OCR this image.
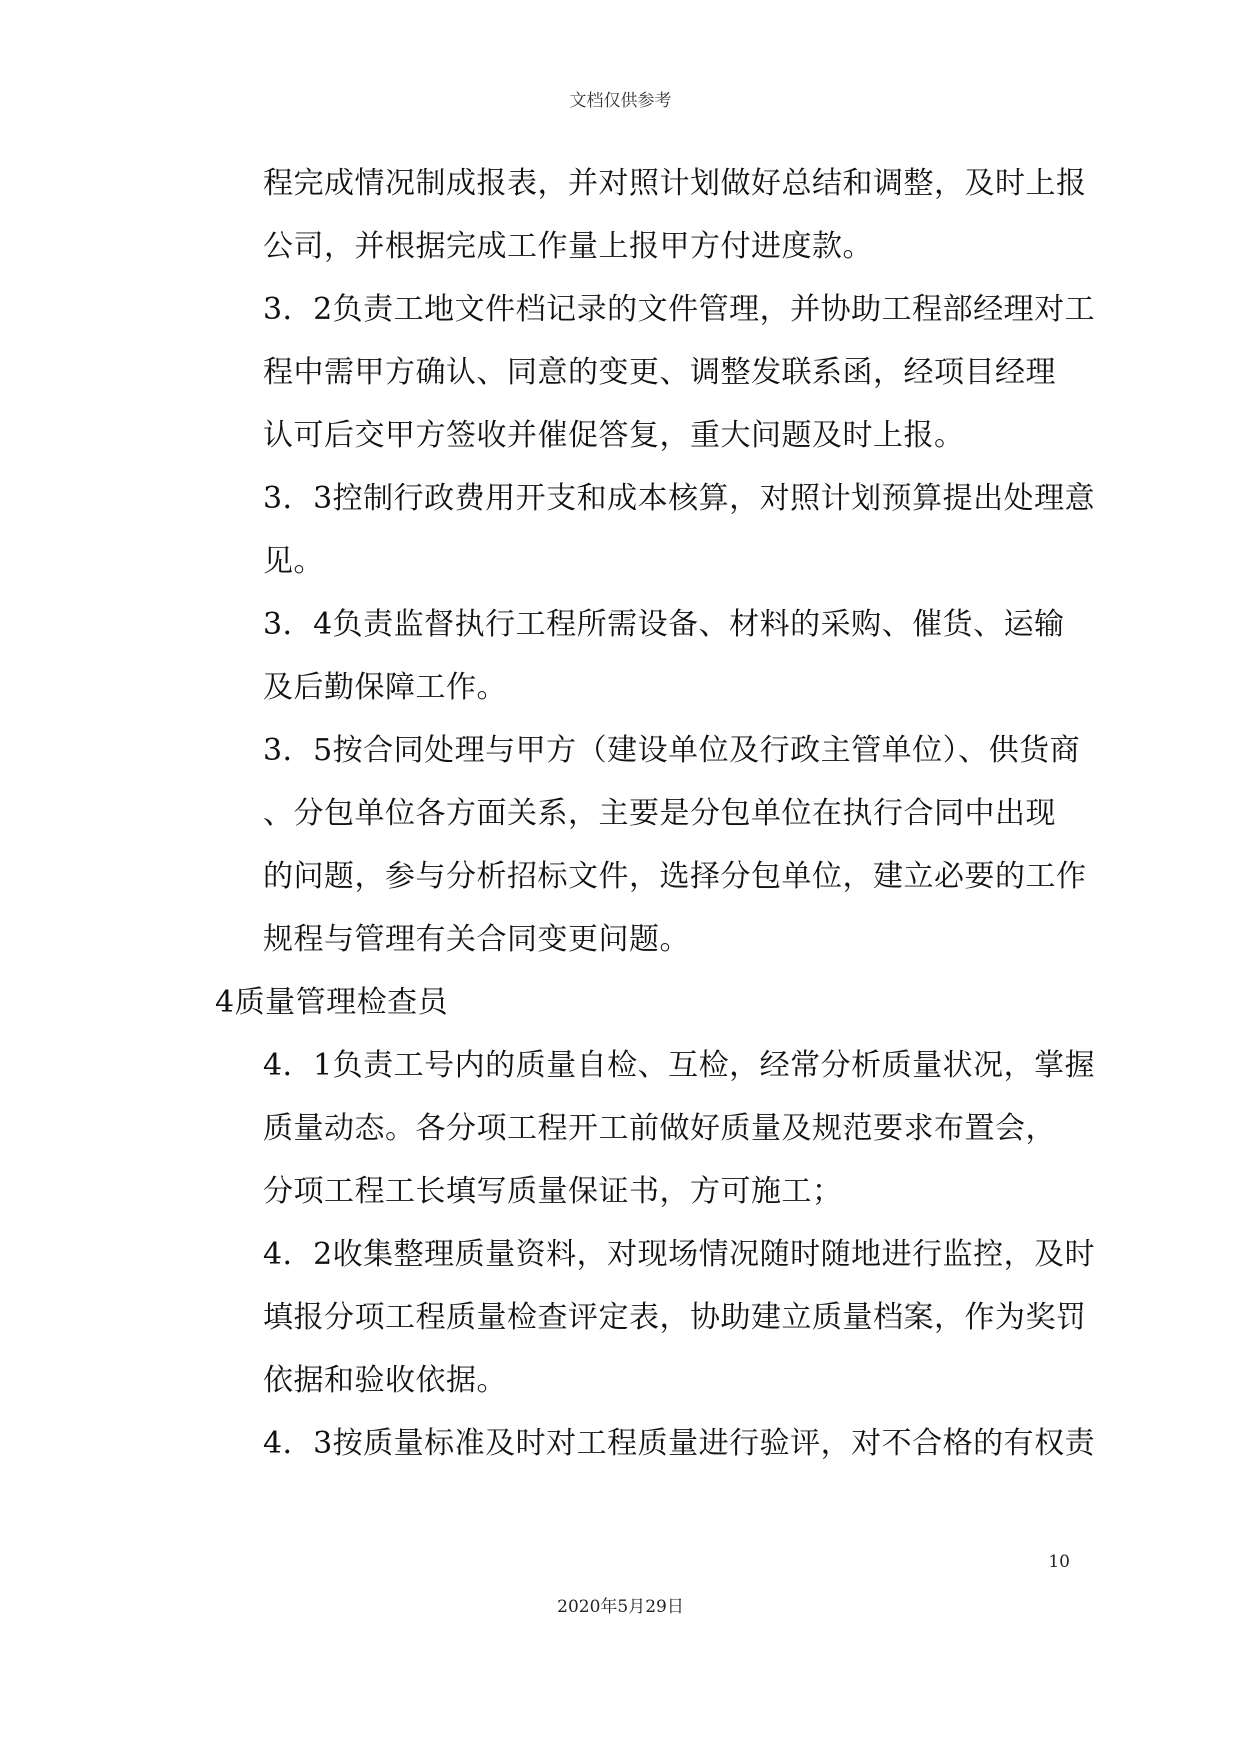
文档仅供参考
程完成情况制成报表，并对照计划做好总结和调整，及时上报
公司，并根据完成工作量上报甲方付进度款。
3．2负责工地文件档记录的文件管理，并协助工程部经理对工
程中需甲方确认、同意的变更、调整发联系函，经项目经理
认可后交甲方签收并催促答复，重大问题及时上报。
3．3控制行政费用开支和成本核算，对照计划预算提出处理意
见。
3．4负责监督执行工程所需设备、材料的采购、催货、运输
及后勤保障工作。
3．5按合同处理与甲方（建设单位及行政主管单位）、供货商
、分包单位各方面关系，主要是分包单位在执行合同中出现
的问题，参与分析招标文件，选择分包单位，建立必要的工作
规程与管理有关合同变更问题。
4质量管理检查员
4．1负责工号内的质量自检、互检，经常分析质量状况，掌握
质量动态。各分项工程开工前做好质量及规范要求布置会，
分项工程工长填写质量保证书，方可施工；
4．2收集整理质量资料，对现场情况随时随地进行监控，及时
填报分项工程质量检查评定表，协助建立质量档案，作为奖罚
依据和验收依据。
4．3按质量标准及时对工程质量进行验评，对不合格的有权责
10
2020年5月29日
